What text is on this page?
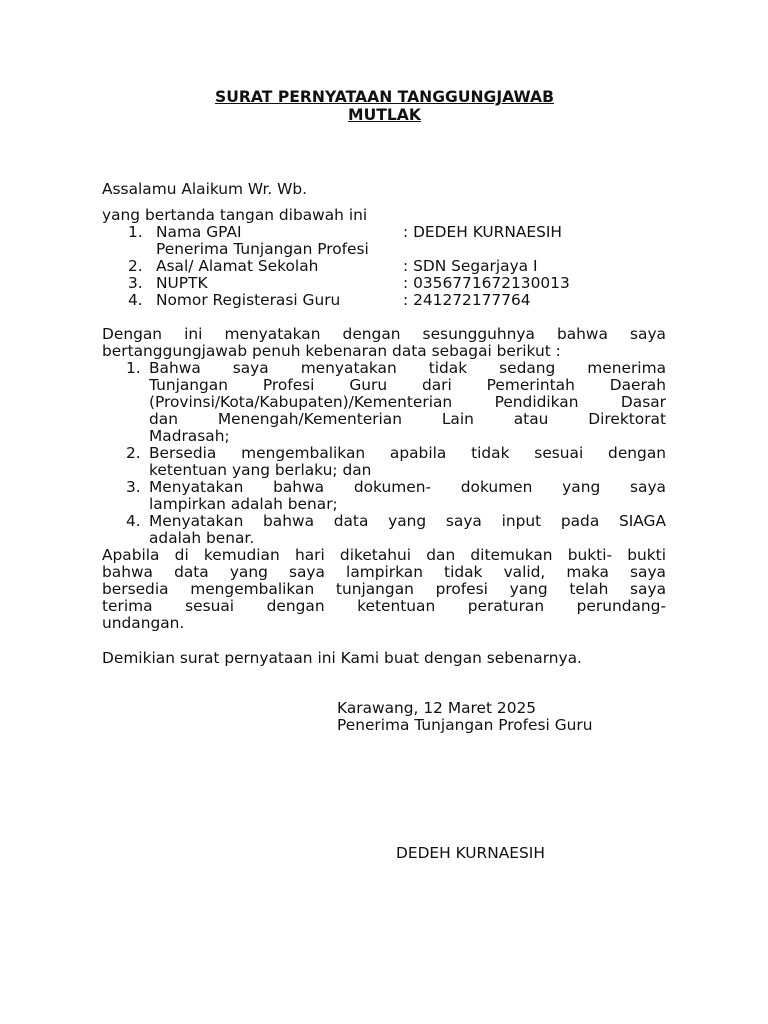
SURAT PERNYATAAN TANGGUNGJAWAB
MUTLAK
Assalamu Alaikum Wr. Wb.
yang bertanda tangan dibawah ini
1. Nama GPAI	: DEDEH KURNAESIH
Penerima Tunjangan Profesi
2. Asal/ Alamat Sekolah	: SDN Segarjaya I
3. NUPTK	: 0356771672130013
4. Nomor Registerasi Guru	: 241272177764
Dengan ini menyatakan dengan sesungguhnya bahwa saya
bertanggungjawab penuh kebenaran data sebagai berikut :
1. Bahwa saya menyatakan tidak sedang menerima
Tunjangan Profesi Guru dari Pemerintah Daerah
(Provinsi/Kota/Kabupaten)/Kementerian Pendidikan Dasar
dan Menengah/Kementerian Lain atau Direktorat
Madrasah;
2. Bersedia mengembalikan apabila tidak sesuai dengan
ketentuan yang berlaku; dan
3. Menyatakan bahwa dokumen- dokumen yang saya
lampirkan adalah benar;
4. Menyatakan bahwa data yang saya input pada SIAGA
adalah benar.
Apabila di kemudian hari diketahui dan ditemukan bukti- bukti
bahwa data yang saya lampirkan tidak valid, maka saya
bersedia mengembalikan tunjangan profesi yang telah saya
terima sesuai dengan ketentuan peraturan perundang-
undangan.
Demikian surat pernyataan ini Kami buat dengan sebenarnya.
Karawang, 12 Maret 2025
Penerima Tunjangan Profesi Guru
DEDEH KURNAESIH
